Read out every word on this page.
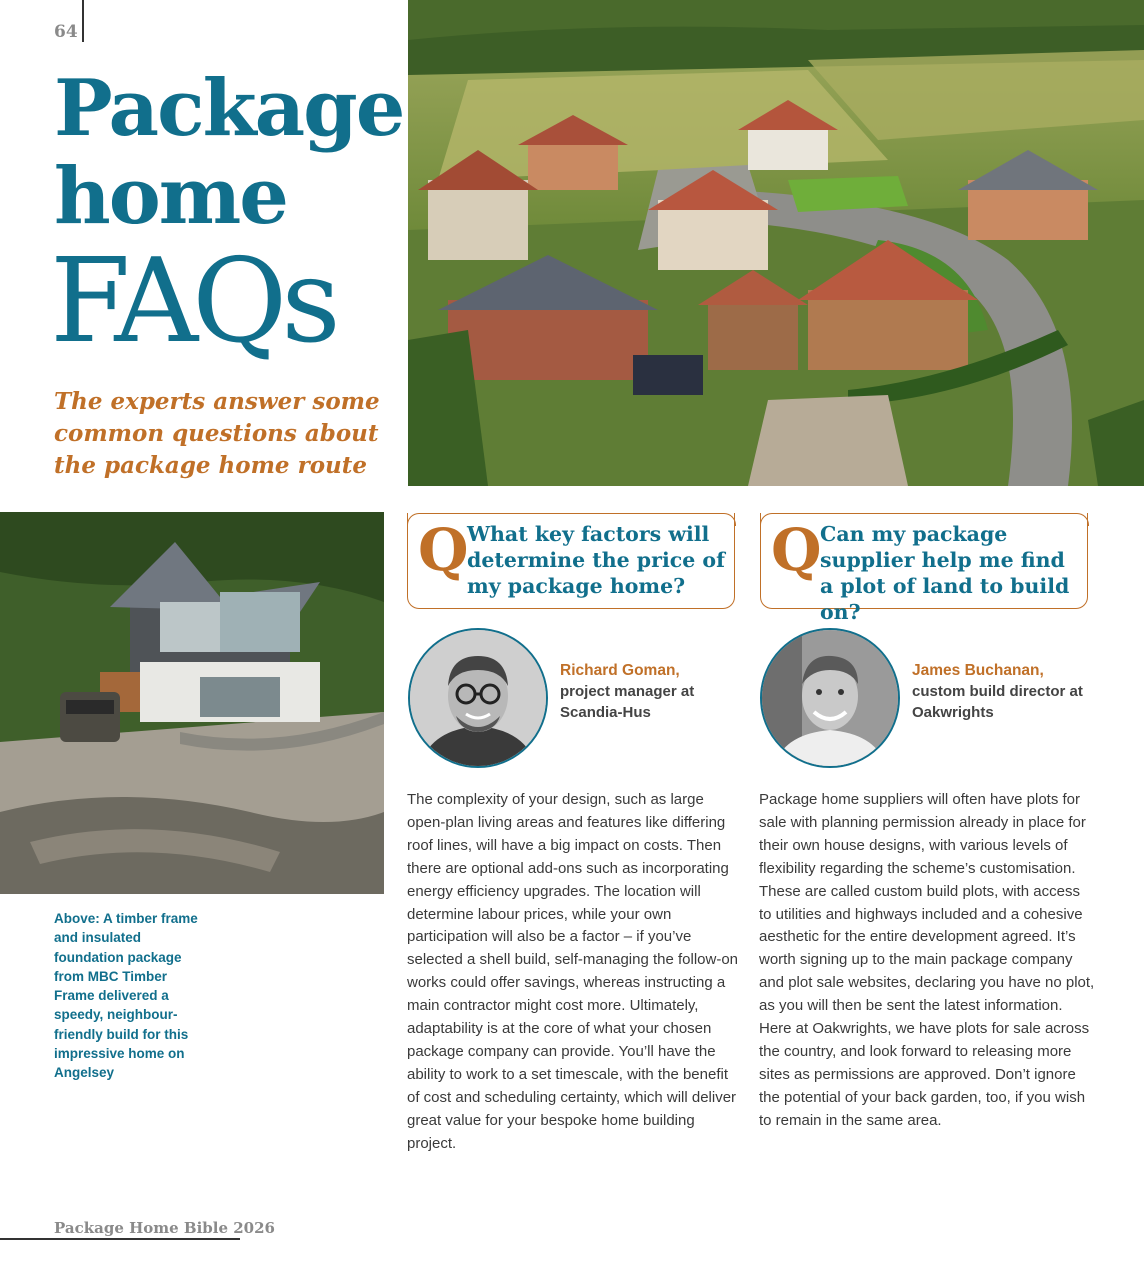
64
Package
home
FAQs
The experts answer some common questions about the package home route
Above: A timber frame and insulated foundation package from MBC Timber Frame delivered a speedy, neighbour-friendly build for this impressive home on Angelsey
Q
What key factors will determine the price of my package home?
Q
Can my package supplier help me find a plot of land to build on?
Richard Goman,
project manager at Scandia-Hus
James Buchanan,
custom build director at Oakwrights
The complexity of your design, such as large open-plan living areas and features like differing roof lines, will have a big impact on costs. Then there are optional add-ons such as incorporating energy efficiency upgrades. The location will determine labour prices, while your own participation will also be a factor – if you’ve selected a shell build, self-managing the follow-on works could offer savings, whereas instructing a main contractor might cost more. Ultimately, adaptability is at the core of what your chosen package company can provide. You’ll have the ability to work to a set timescale, with the benefit of cost and scheduling certainty, which will deliver great value for your bespoke home building project.
Package home suppliers will often have plots for sale with planning permission already in place for their own house designs, with various levels of flexibility regarding the scheme’s customisation. These are called custom build plots, with access to utilities and highways included and a cohesive aesthetic for the entire development agreed. It’s worth signing up to the main package company and plot sale websites, declaring you have no plot, as you will then be sent the latest information. Here at Oakwrights, we have plots for sale across the country, and look forward to releasing more sites as permissions are approved. Don’t ignore the potential of your back garden, too, if you wish to remain in the same area.
Package Home Bible 2026
